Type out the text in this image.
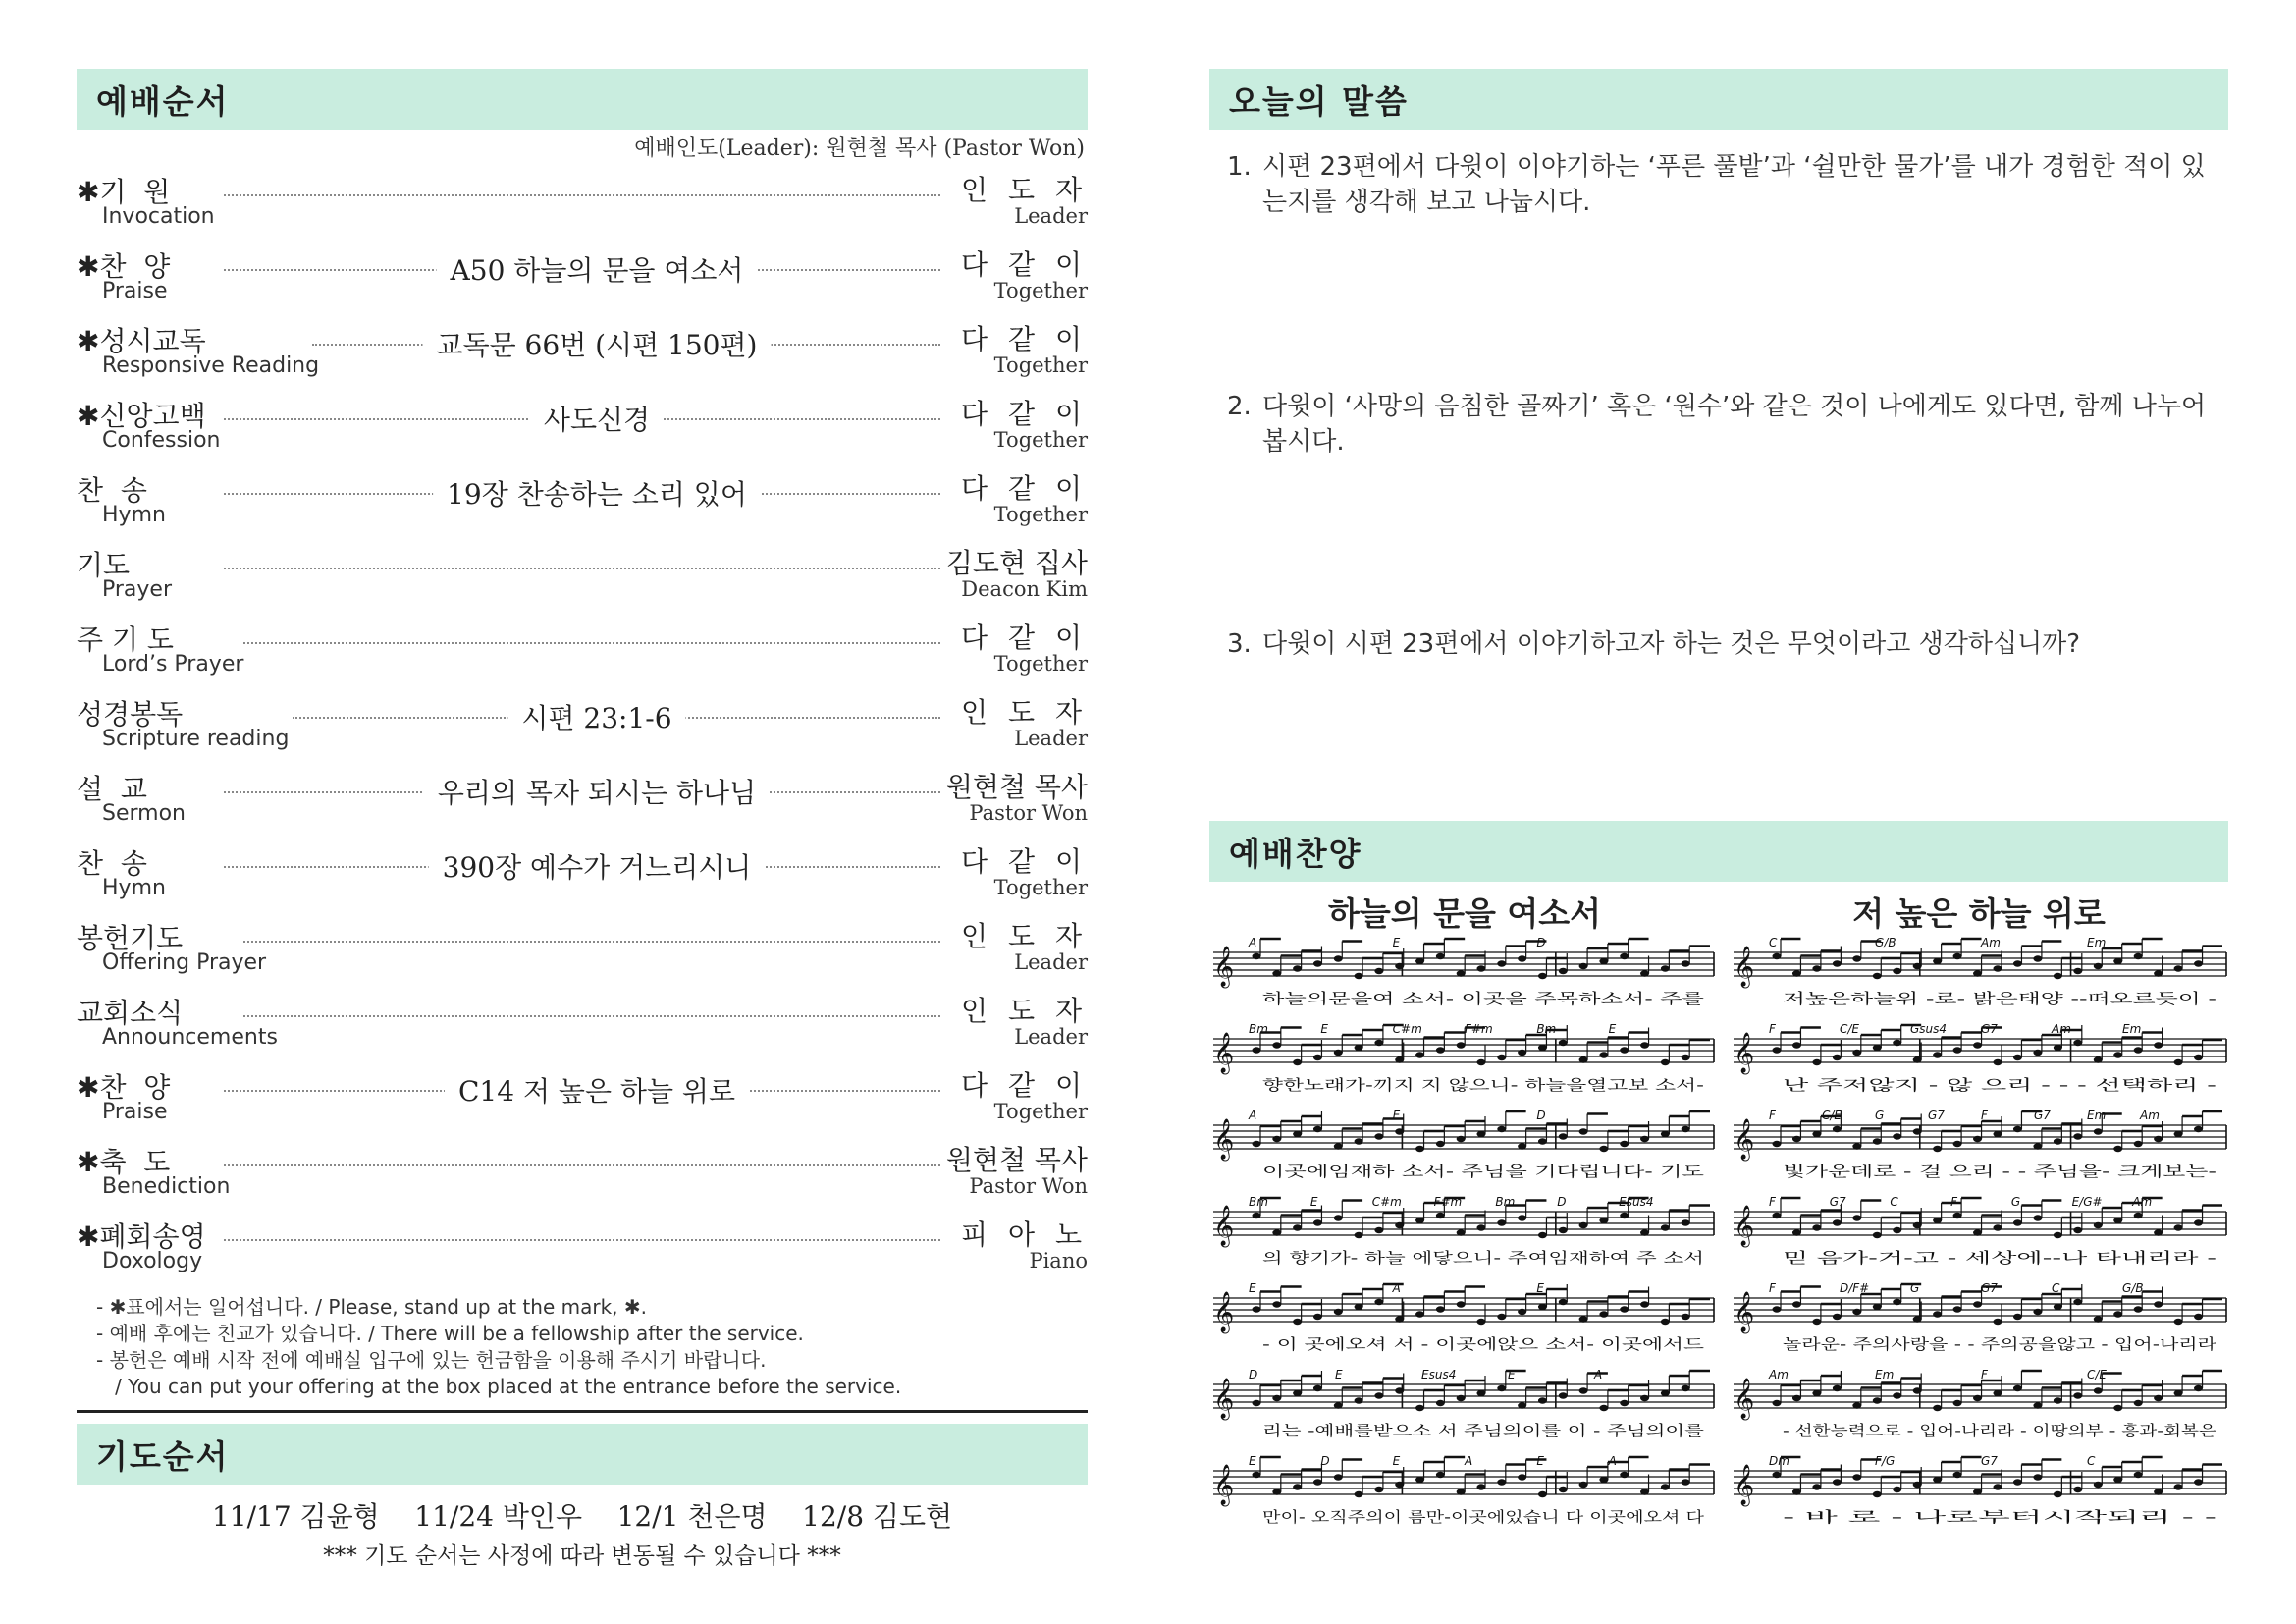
예배순서
예배인도(Leader): 원현철 목사 (Pastor Won)
✱기  원
Invocation
인 도 자
Leader
✱찬  양
Praise
A50 하늘의 문을 여소서	다 같 이
Together
✱성시교독
Responsive Reading
교독문 66번 (시편 150편)	다 같 이
Together
✱신앙고백
Confession
사도신경	다 같 이
Together
찬  송
Hymn
19장 찬송하는 소리 있어	다 같 이
Together
기도
Prayer
김도현 집사
Deacon Kim
주 기 도
Lord’s Prayer
다 같 이
Together
성경봉독
Scripture reading
시편 23:1-6	인 도 자
Leader
설  교
Sermon
우리의 목자 되시는 하나님	원현철 목사
Pastor Won
찬  송
Hymn
390장 예수가 거느리시니	다 같 이
Together
봉헌기도
Offering Prayer
인 도 자
Leader
교회소식
Announcements
인 도 자
Leader
✱찬  양
Praise
C14 저 높은 하늘 위로	다 같 이
Together
✱축  도
Benediction
원현철 목사
Pastor Won
✱폐회송영
Doxology
피 아 노
Piano
- ✱표에서는 일어섭니다. / Please, stand up at the mark, ✱.
- 예배 후에는 친교가 있습니다. / There will be a fellowship after the service.
- 봉헌은 예배 시작 전에 예배실 입구에 있는 헌금함을 이용해 주시기 바랍니다.
/ You can put your offering at the box placed at the entrance before the service.
기도순서
11/17 김윤형    11/24 박인우    12/1 천은명    12/8 김도현
*** 기도 순서는 사정에 따라 변동될 수 있습니다 ***
오늘의 말씀
1. 시편 23편에서 다윗이 이야기하는 ‘푸른 풀밭’과 ‘쉴만한 물가’를 내가 경험한 적이 있는지를 생각해 보고 나눕시다.
2. 다윗이 ‘사망의 음침한 골짜기’ 혹은 ‘원수’와 같은 것이 나에게도 있다면, 함께 나누어 봅시다.
3. 다윗이 시편 23편에서 이야기하고자 하는 것은 무엇이라고 생각하십니까?
예배찬양
하늘의 문을 여소서	저 높은 하늘 위로
𝄞
A	E	D
하늘의문을여 소서- 이곳을 주목하소서- 주를
𝄞
Bm	E	C#m	F#m	Bm	E
향한노래가-끼지 지 않으니- 하늘을열고보 소서-
𝄞
A	E	D
이곳에임재하 소서- 주님을 기다립니다- 기도
𝄞
Bm	E	C#m	F#m	Bm	D	Esus4
의 향기가- 하늘 에닿으니- 주여임재하여 주 소서
𝄞
E	A	E
- 이 곳에오셔 서 - 이곳에앉으 소서- 이곳에서드
𝄞
D	E	Esus4	E	A
리는 -예배를받으소 서 주님의이를 이 - 주님의이를
𝄞
E	D	E	A	E	A
만이- 오직주의이 름만-이곳에있습니 다 이곳에오셔 다
𝄞
C	G/B	Am	Em
저높은하늘위 -로- 밝은태양 --떠오르듯이 -
𝄞
F	C/E	Gsus4	G7	Am	Em
난 주저않지 - 않 으리 - - - 선택하리 -
𝄞
F	C/E	G	G7	F	G7	Em	Am
빛가운데로 - 걸 으리 - - 주님을- 크게보는-
𝄞
F	G7	C	F	G	E/G#	Am
믿 음가-거-고 - 세상에--나 타내리라 -
𝄞
F	D/F#	G	G7	C	G/B
놀라운- 주의사랑을 - - 주의공을않고 - 입어-나리라
𝄞
Am	Em	F	C/E
- 선한능력으로 - 입어-나리라 - 이땅의부 - 흥과-회복은
𝄞
Dm	F/G	G7	C
- 바 로 - 나로부터시작되리 - -
